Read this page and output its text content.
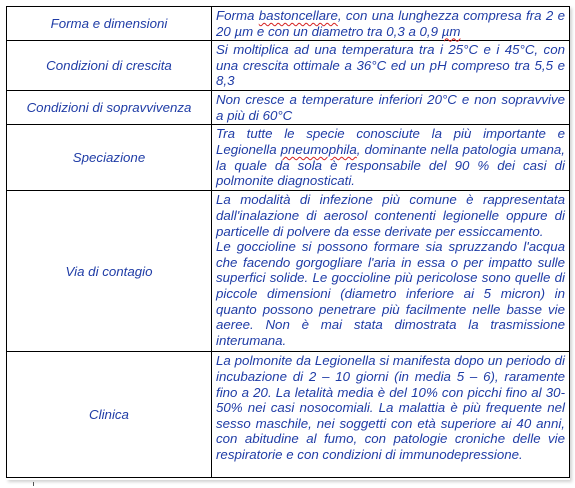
Forma e dimensioni	Forma bastoncellare, con una lunghezza compresa fra 2 e 20 µm e con un diametro tra 0,3 a 0,9 µm
Condizioni di crescita	Si moltiplica ad una temperatura tra i 25°C e i 45°C, con una crescita ottimale a 36°C ed un pH compreso tra 5,5 e 8,3
Condizioni di sopravvivenza	Non cresce a temperature inferiori 20°C e non sopravvive a più di 60°C
Speciazione	Tra tutte le specie conosciute la più importante e Legionella pneumophila, dominante nella patologia umana, la quale da sola è responsabile del 90 % dei casi di polmonite diagnosticati.
Via di contagio	La modalità di infezione più comune è rappresentata dall'inalazione di aerosol contenenti legionelle oppure di particelle di polvere da esse derivate per essiccamento.
Le goccioline si possono formare sia spruzzando l'acqua che facendo gorgogliare l'aria in essa o per impatto sulle superfici solide. Le goccioline più pericolose sono quelle di piccole dimensioni (diametro inferiore ai 5 micron) in quanto possono penetrare più facilmente nelle basse vie aeree. Non è mai stata dimostrata la trasmissione interumana.

Clinica	La polmonite da Legionella si manifesta dopo un periodo di incubazione di 2 – 10 giorni (in media 5 – 6), raramente fino a 20. La letalità media è del 10% con picchi fino al 30-50% nei casi nosocomiali. La malattia è più frequente nel sesso maschile, nei soggetti con età superiore ai 40 anni, con abitudine al fumo, con patologie croniche delle vie respiratorie e con condizioni di immunodepressione.
